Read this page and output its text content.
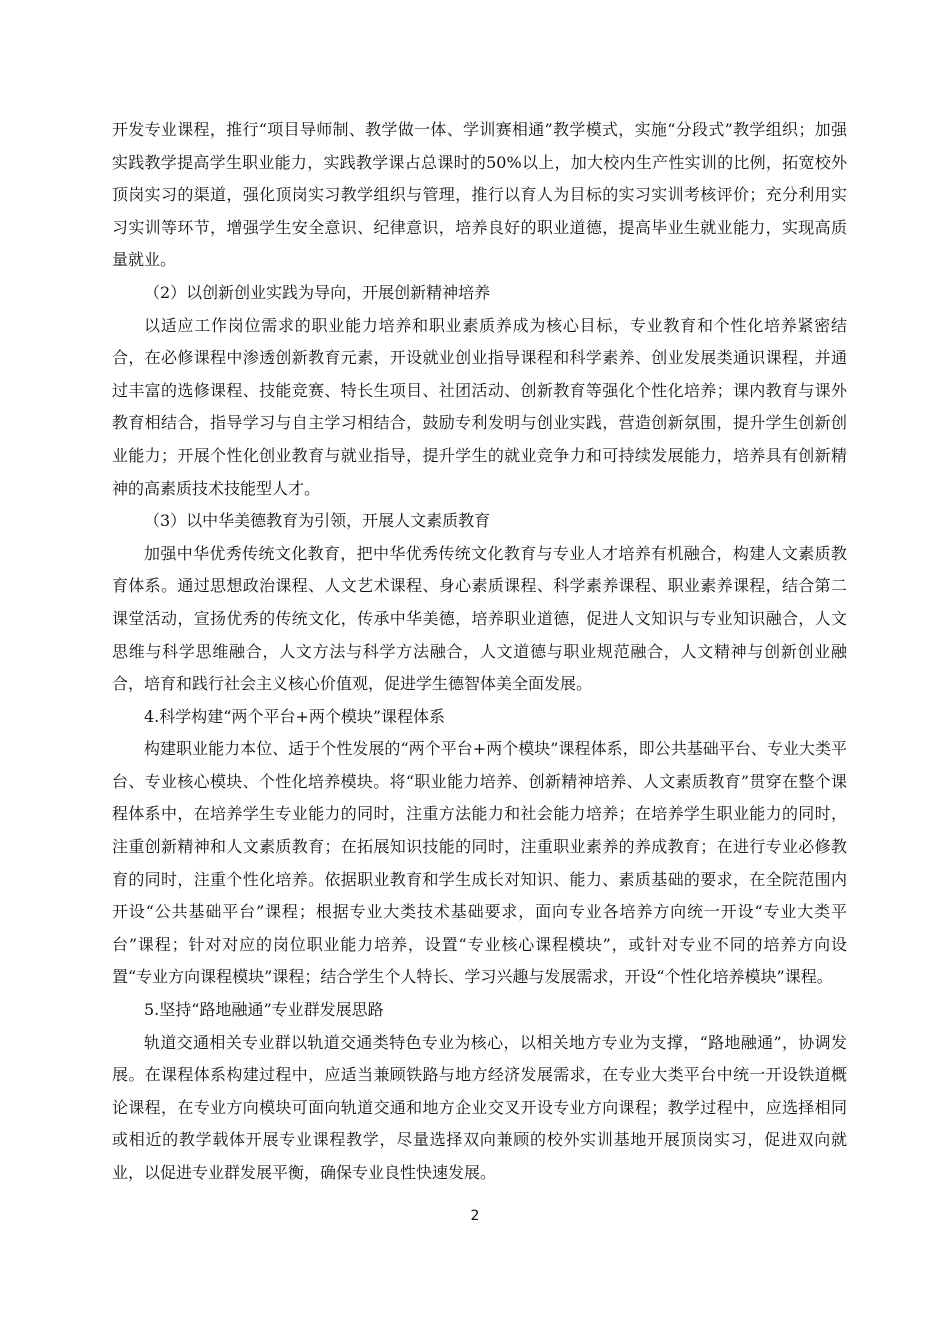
开发专业课程，推行“项目导师制、教学做一体、学训赛相通”教学模式，实施“分段式”教学组织；加强实践教学提高学生职业能力，实践教学课占总课时的50%以上，加大校内生产性实训的比例，拓宽校外顶岗实习的渠道，强化顶岗实习教学组织与管理，推行以育人为目标的实习实训考核评价；充分利用实习实训等环节，增强学生安全意识、纪律意识，培养良好的职业道德，提高毕业生就业能力，实现高质量就业。

（2）以创新创业实践为导向，开展创新精神培养

以适应工作岗位需求的职业能力培养和职业素质养成为核心目标，专业教育和个性化培养紧密结合，在必修课程中渗透创新教育元素，开设就业创业指导课程和科学素养、创业发展类通识课程，并通过丰富的选修课程、技能竞赛、特长生项目、社团活动、创新教育等强化个性化培养；课内教育与课外教育相结合，指导学习与自主学习相结合，鼓励专利发明与创业实践，营造创新氛围，提升学生创新创业能力；开展个性化创业教育与就业指导，提升学生的就业竞争力和可持续发展能力，培养具有创新精神的高素质技术技能型人才。

（3）以中华美德教育为引领，开展人文素质教育

加强中华优秀传统文化教育，把中华优秀传统文化教育与专业人才培养有机融合，构建人文素质教育体系。通过思想政治课程、人文艺术课程、身心素质课程、科学素养课程、职业素养课程，结合第二课堂活动，宣扬优秀的传统文化，传承中华美德，培养职业道德，促进人文知识与专业知识融合，人文思维与科学思维融合，人文方法与科学方法融合，人文道德与职业规范融合，人文精神与创新创业融合，培育和践行社会主义核心价值观，促进学生德智体美全面发展。

4.科学构建“两个平台+两个模块”课程体系

构建职业能力本位、适于个性发展的“两个平台+两个模块”课程体系，即公共基础平台、专业大类平台、专业核心模块、个性化培养模块。将“职业能力培养、创新精神培养、人文素质教育”贯穿在整个课程体系中，在培养学生专业能力的同时，注重方法能力和社会能力培养；在培养学生职业能力的同时，注重创新精神和人文素质教育；在拓展知识技能的同时，注重职业素养的养成教育；在进行专业必修教育的同时，注重个性化培养。依据职业教育和学生成长对知识、能力、素质基础的要求，在全院范围内开设“公共基础平台”课程；根据专业大类技术基础要求，面向专业各培养方向统一开设“专业大类平台”课程；针对对应的岗位职业能力培养，设置“专业核心课程模块”，或针对专业不同的培养方向设置“专业方向课程模块”课程；结合学生个人特长、学习兴趣与发展需求，开设“个性化培养模块”课程。

5.坚持“路地融通”专业群发展思路

轨道交通相关专业群以轨道交通类特色专业为核心，以相关地方专业为支撑，“路地融通”，协调发展。在课程体系构建过程中，应适当兼顾铁路与地方经济发展需求，在专业大类平台中统一开设铁道概论课程，在专业方向模块可面向轨道交通和地方企业交叉开设专业方向课程；教学过程中，应选择相同或相近的教学载体开展专业课程教学，尽量选择双向兼顾的校外实训基地开展顶岗实习，促进双向就业，以促进专业群发展平衡，确保专业良性快速发展。

2
